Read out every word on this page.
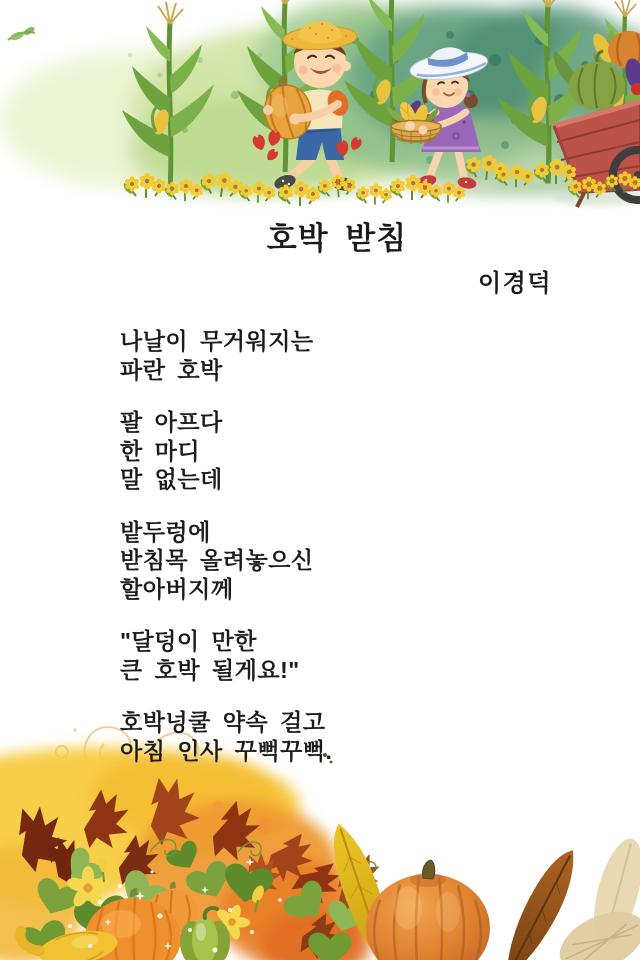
호박 받침
이경덕
나날이 무거워지는
파란 호박
팔 아프다
한 마디
말 없는데
밭두렁에
받침목 올려놓으신
할아버지께
"달덩이 만한
큰 호박 될게요!"
호박넝쿨 약속 걸고
아침 인사 꾸뻑꾸뻑.
